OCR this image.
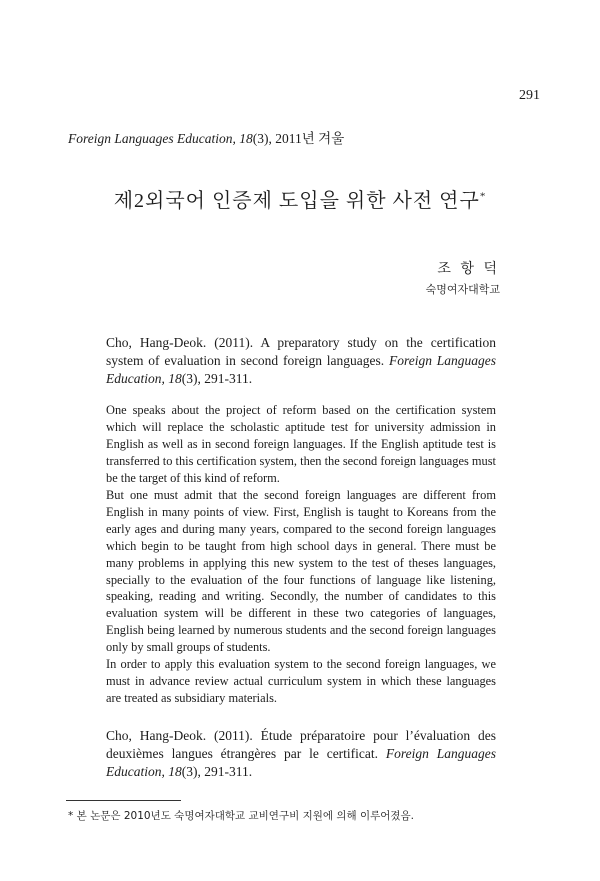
291
Foreign Languages Education, 18(3), 2011년 겨울
제2외국어 인증제 도입을 위한 사전 연구*
조 항 덕
숙명여자대학교
Cho, Hang-Deok. (2011). A preparatory study on the certification system of evaluation in second foreign languages. Foreign Languages Education, 18(3), 291-311.

One speaks about the project of reform based on the certification system which will replace the scholastic aptitude test for university admission in English as well as in second foreign languages. If the English aptitude test is transferred to this certification system, then the second foreign languages must be the target of this kind of reform.

But one must admit that the second foreign languages are different from English in many points of view. First, English is taught to Koreans from the early ages and during many years, compared to the second foreign languages which begin to be taught from high school days in general. There must be many problems in applying this new system to the test of theses languages, specially to the evaluation of the four functions of language like listening, speaking, reading and writing. Secondly, the number of candidates to this evaluation system will be different in these two categories of languages, English being learned by numerous students and the second foreign languages only by small groups of students.

In order to apply this evaluation system to the second foreign languages, we must in advance review actual curriculum system in which these languages are treated as subsidiary materials.

Cho, Hang-Deok. (2011). Étude préparatoire pour l’évaluation des deuxièmes langues étrangères par le certificat. Foreign Languages Education, 18(3), 291-311.
* 본 논문은 2010년도 숙명여자대학교 교비연구비 지원에 의해 이루어졌음.
